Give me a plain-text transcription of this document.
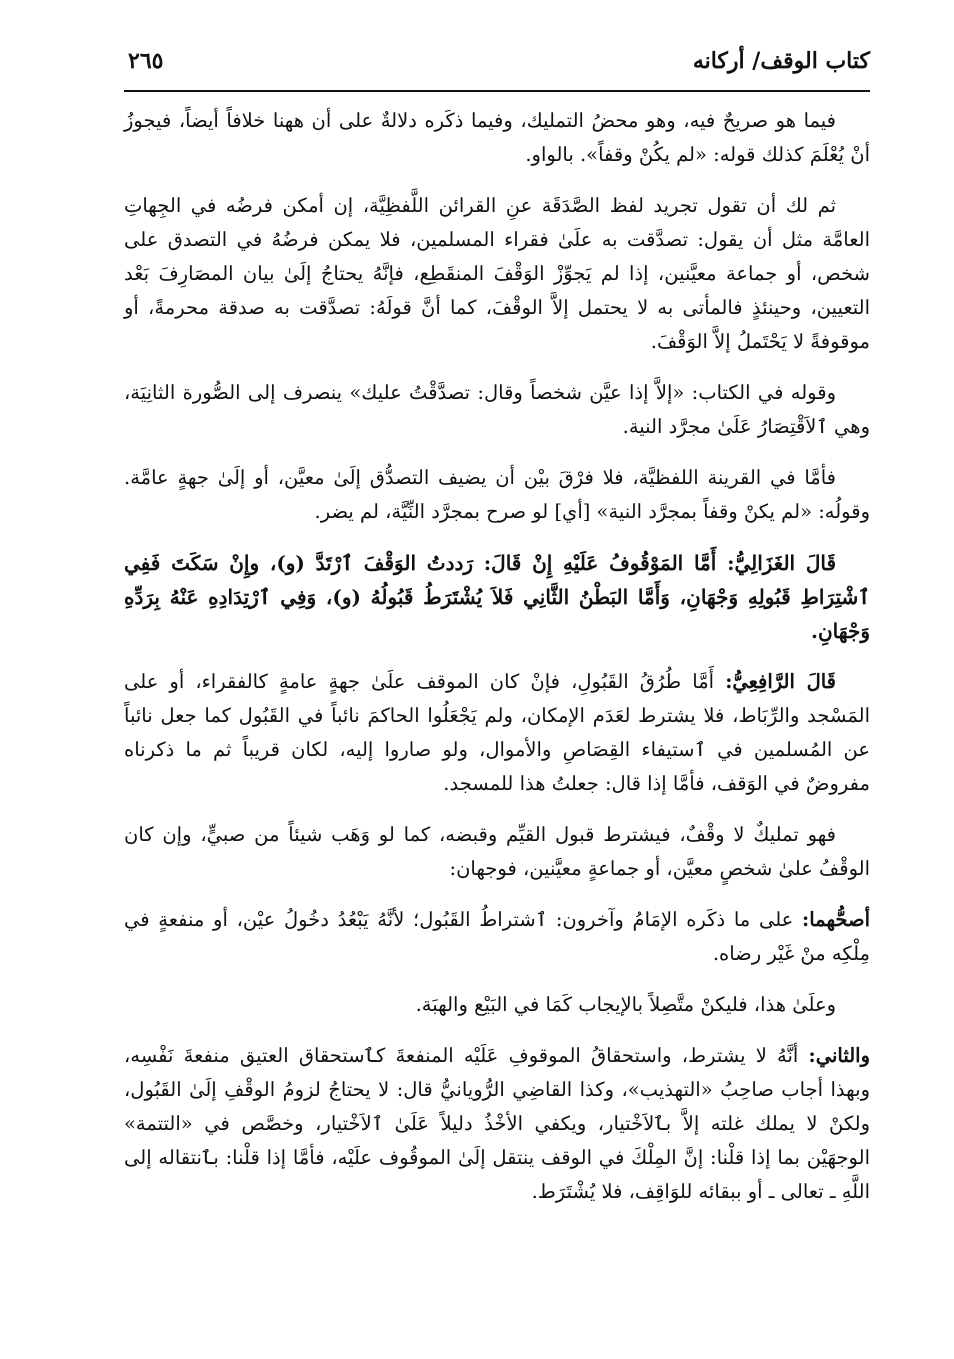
كتاب الوقف/ أركانه
٢٦٥

فيما هو صريحٌ فيه، وهو محضُ التمليك، وفيما ذكَره دلالةٌ على أن ههنا خلافاً أيضاً، فيجوزُ أنْ يُعْلَمَ كذلك قوله: «لم يكُنْ وقفاً». بالواو.

ثم لك أن تقول تجريد لفظ الصَّدَقَة عنِ القرائن اللَّفظِيَّة، إن أمكن فرضُه في الجِهاتِ العامَّة مثل أن يقول: تصدَّقت به علَىٰ فقراء المسلمين، فلا يمكن فرضُهُ في التصدق على شخص، أو جماعة معيَّنين، إذا لم يَجوِّزْ الوَقْفَ المنقَطِع، فإنَّهُ يحتاجُ إلَىٰ بيان المصَارِفَ بَعْد التعيين، وحينئذٍ فالمأتى به لا يحتمل إلاَّ الوقْفَ، كما أنَّ قولَهُ: تصدَّقت به صدقة محرمةً، أو موقوفةً لا يَحْتَملُ إلاَّ الوَقْفَ.

وقوله في الكتاب: «إلاَّ إذا عيَّن شخصاً وقال: تصدَّقْتُ عليك» ينصرف إلى الصُّورة الثانِيَة، وهي ٱلاَقْتِصَارُ عَلَىٰ مجرَّد النية.

فأمَّا في القرينة اللفظيَّة، فلا فرْقَ بيْن أن يضيف التصدُّق إلَىٰ معيَّن، أو إلَىٰ جهةٍ عامَّة. وقولُه: «لم يكنْ وقفاً بمجرَّد النية» [أي] لو صرح بمجرَّد النِّيَّة، لم يضر.

قَالَ الغَزَالِيُّ: أَمَّا المَوْقُوفُ عَلَيْهِ إِنْ قَالَ: رَددتُ الوَقْفَ ٱرْتَدَّ (و)، وإِنْ سَكَتَ فَفِي ٱشْتِرَاطِ قَبُولِهِ وَجْهَانِ، وَأَمَّا البَطْنُ الثَّانِي فَلاَ يُشْتَرَطُ قَبُولُهُ (و)، وَفِي ٱرْتِدَادِهِ عَنْهُ بِرَدِّهِ وَجْهَانِ.

قَالَ الرَّافِعِيُّ: أَمَّا طُرُقُ القَبُولِ، فإنْ كان الموقف علَىٰ جهةٍ عامةٍ كالفقراء، أو على المَسْجد والرِّبَاط، فلا يشترط لعَدَم الإمكان، ولم يَجْعَلُوا الحاكمَ نائباً في القَبُول كما جعل نائباً عن المُسلمين في ٱستيفاء القِصَاصِ والأموال، ولو صاروا إليه، لكان قريباً ثم ما ذكرناه مفروضٌ في الوَقف، فأمَّا إذا قال: جعلتُ هذا للمسجد.

فهو تمليكٌ لا وقْفٌ، فيشترط قبول القيِّم وقبضه، كما لو وَهَب شيئاً من صبيٍّ، وإن كان الوقْفُ علىٰ شخصٍ معيَّن، أو جماعةٍ معيَّنين، فوجهان:

أصحُّهما: على ما ذكَره الإمَامُ وآخرون: ٱشتراطُ القَبُول؛ لأنَّهُ يَبْعُدُ دخُولُ عيْن، أو منفعةٍ في مِلْكِه منْ غَيْر رضاه.

وعلَىٰ هذا، فليكنْ متَّصِلاً بالإيجاب كَمَا في البَيْع والهبَة.

والثاني: أنَّهُ لا يشترط، واستحقاقُ الموقوفِ عَلَيْه المنفعةَ كٱستحقاق العتيق منفعةَ نَفْسِه، وبهذا أجاب صاحِبُ «التهذيب»، وكذا القاضِي الرُّويانيُّ قال: لا يحتاجُ لزومُ الوقْفِ إلَىٰ القَبُول، ولكنْ لا يملك غلته إلاَّ بٱلاَخْتيار، ويكفي الأخْذُ دليلاً عَلَىٰ ٱلاَخْتيار، وخصَّص في «التتمة» الوجهَيْن بما إذا قلْنا: إنَّ المِلْكَ في الوقف ينتقل إلَىٰ الموقُوف علَيْه، فأمَّا إذا قلْنا: بٱنتقاله إلى اللَّهِ ـ تعالى ـ أو ببقائه للوَاقِف، فلا يُشْتَرَط.
